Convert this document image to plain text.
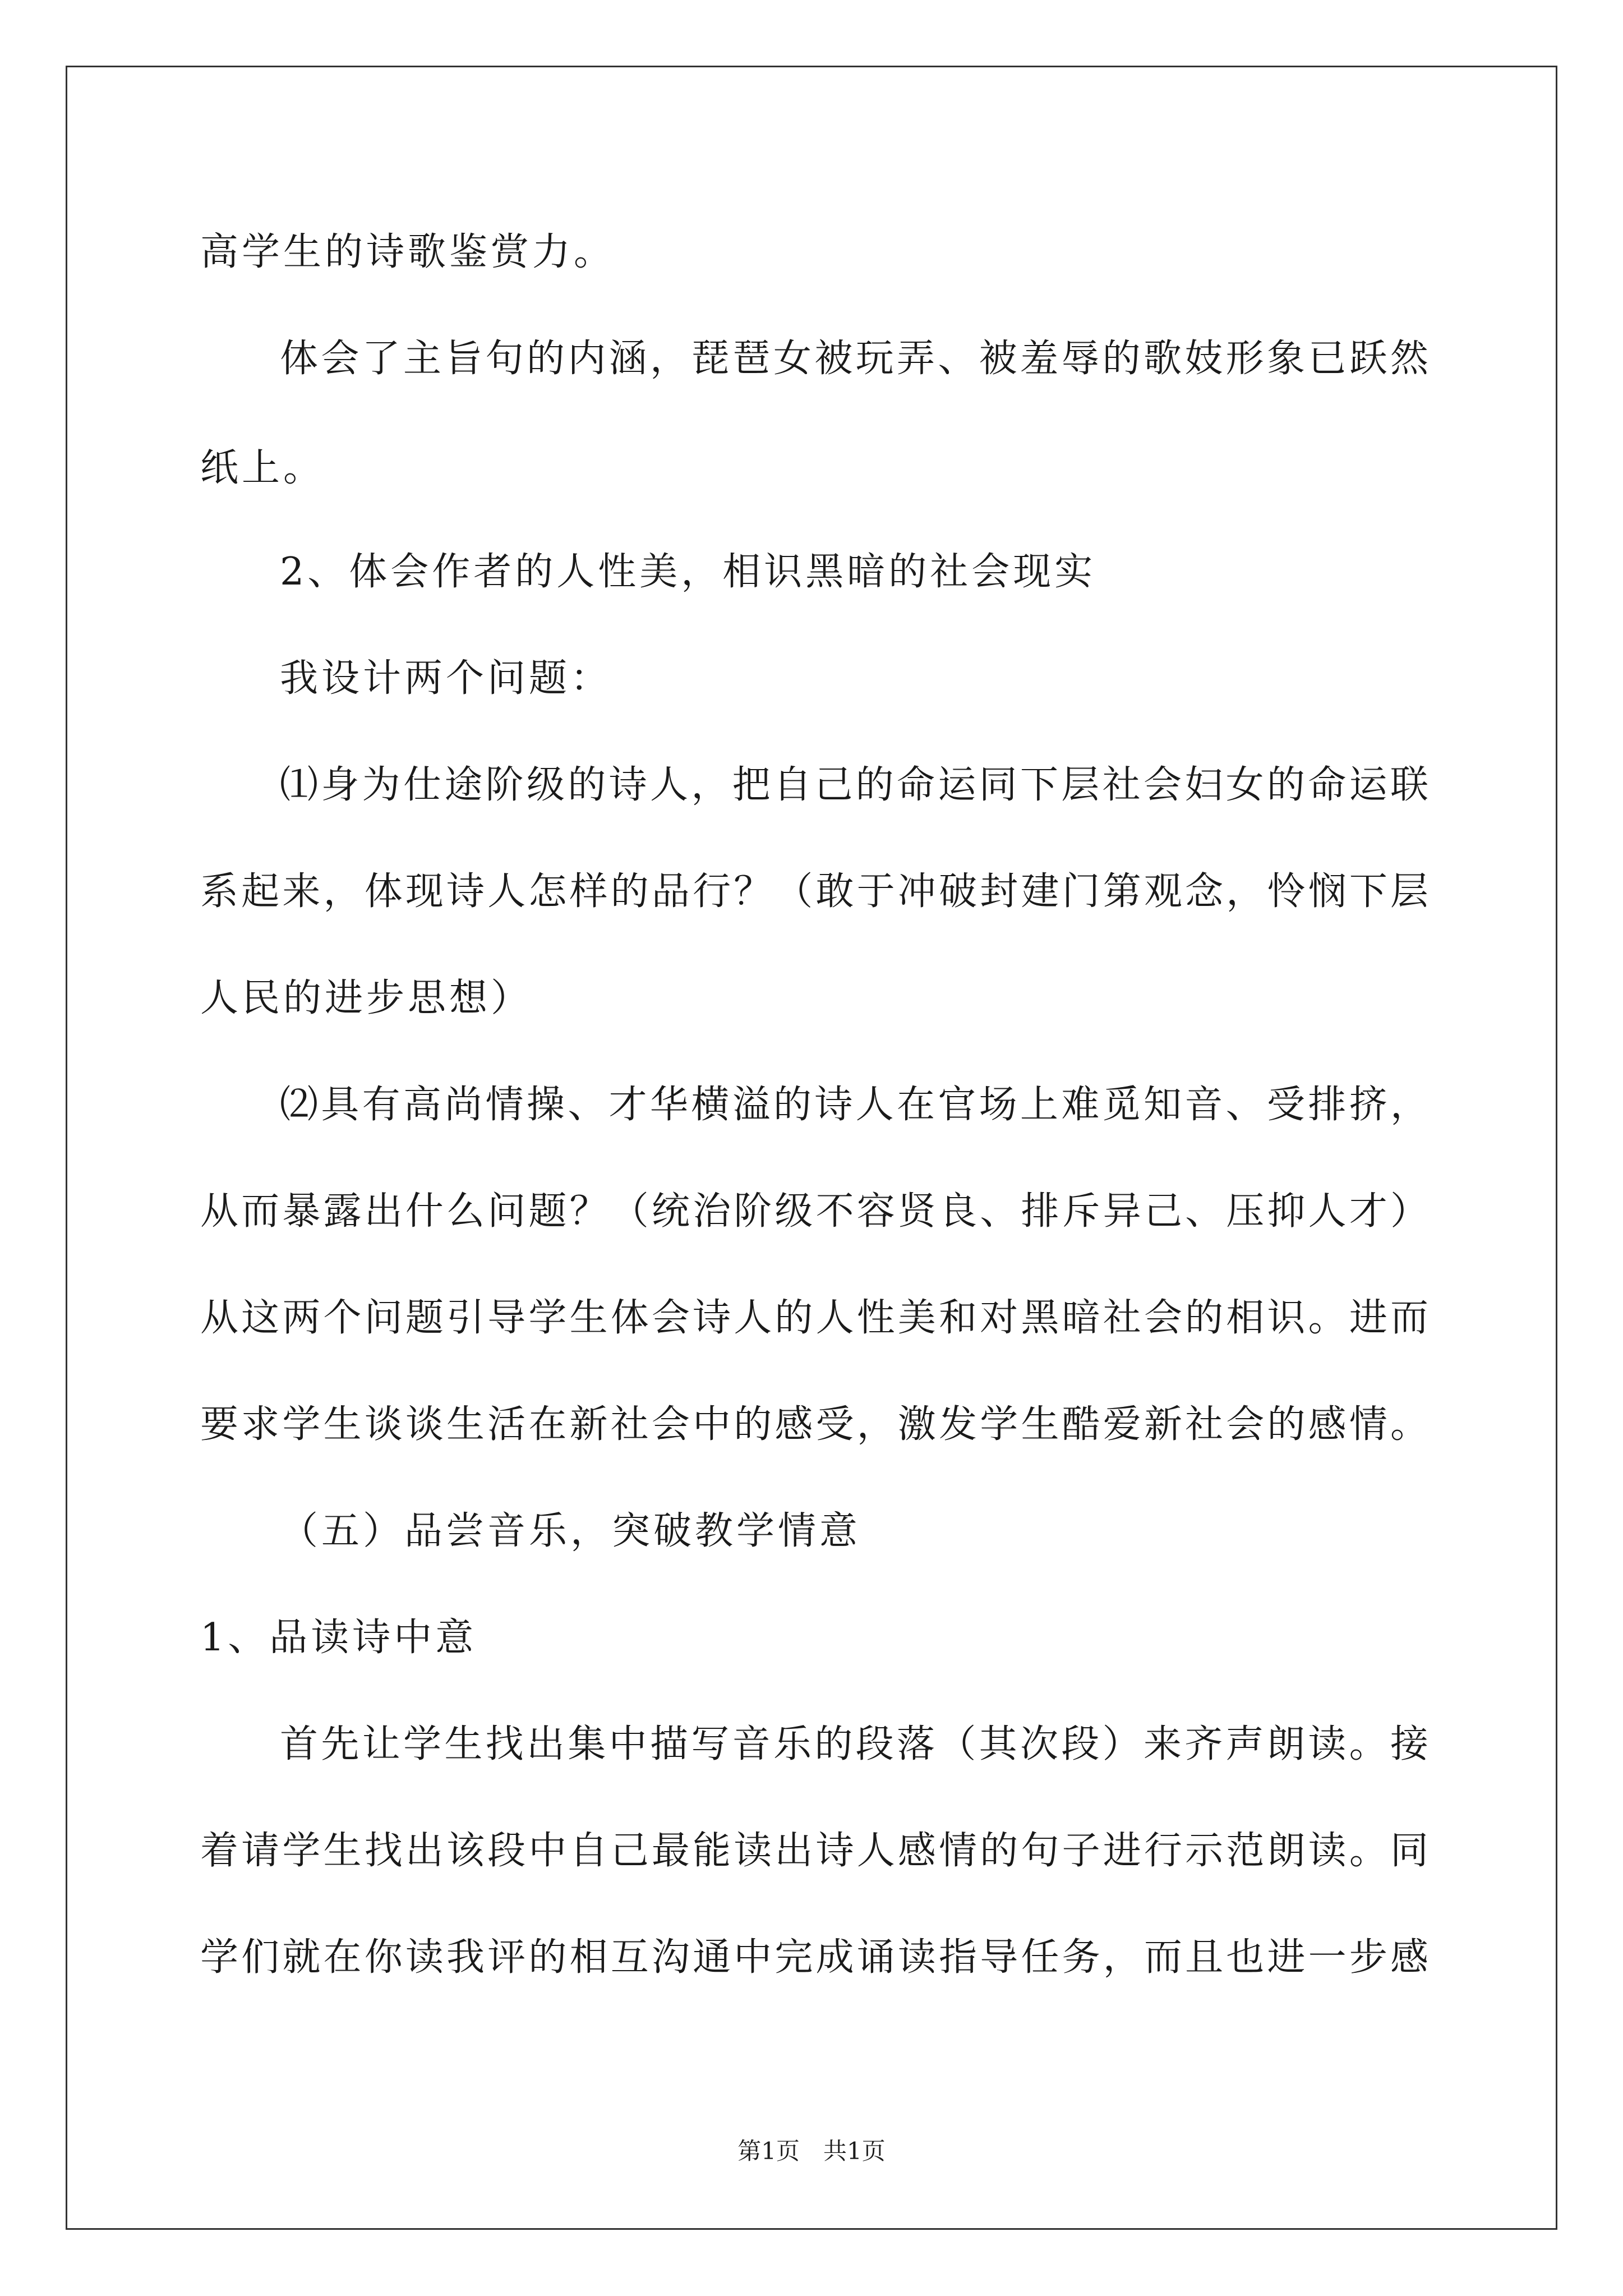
高学生的诗歌鉴赏力。
体会了主旨句的内涵，琵琶女被玩弄、被羞辱的歌妓形象已跃然
纸上。
2、体会作者的人性美，相识黑暗的社会现实
我设计两个问题：
⑴身为仕途阶级的诗人，把自己的命运同下层社会妇女的命运联
系起来，体现诗人怎样的品行？（敢于冲破封建门第观念，怜悯下层
人民的进步思想）
⑵具有高尚情操、才华横溢的诗人在官场上难觅知音、受排挤，
从而暴露出什么问题？（统治阶级不容贤良、排斥异己、压抑人才）
从这两个问题引导学生体会诗人的人性美和对黑暗社会的相识。进而
要求学生谈谈生活在新社会中的感受，激发学生酷爱新社会的感情。
（五）品尝音乐，突破教学情意
1、品读诗中意
首先让学生找出集中描写音乐的段落（其次段）来齐声朗读。接
着请学生找出该段中自己最能读出诗人感情的句子进行示范朗读。同
学们就在你读我评的相互沟通中完成诵读指导任务，而且也进一步感
第1页　共1页
